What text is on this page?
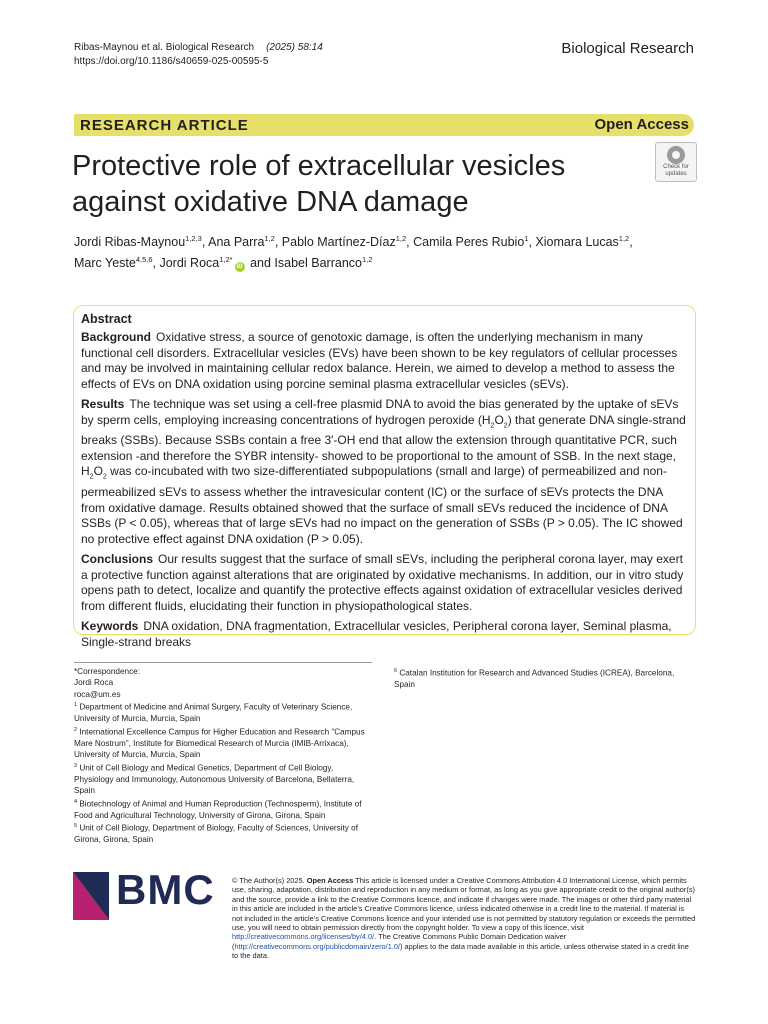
Ribas-Maynou et al. Biological Research (2025) 58:14
https://doi.org/10.1186/s40659-025-00595-5
Biological Research
RESEARCH ARTICLE	Open Access
Protective role of extracellular vesicles
against oxidative DNA damage
Check for
updates
Jordi Ribas-Maynou$^{1,2,3}$, Ana Parra$^{1,2}$, Pablo Martínez-Díaz$^{1,2}$, Camila Peres Rubio$^1$, Xiomara Lucas$^{1,2}$,
Marc Yeste$^{4,5,6}$, Jordi Roca$^{1,2*}$iD and Isabel Barranco$^{1,2}$
Abstract

Background Oxidative stress, a source of genotoxic damage, is often the underlying mechanism in many functional cell disorders. Extracellular vesicles (EVs) have been shown to be key regulators of cellular processes and may be involved in maintaining cellular redox balance. Herein, we aimed to develop a method to assess the effects of EVs on DNA oxidation using porcine seminal plasma extracellular vesicles (sEVs).

Results The technique was set using a cell-free plasmid DNA to avoid the bias generated by the uptake of sEVs by sperm cells, employing increasing concentrations of hydrogen peroxide $(H_2O_2)$ that generate DNA single-strand breaks (SSBs). Because SSBs contain a free 3′-OH end that allow the extension through quantitative PCR, such extension -and therefore the SYBR intensity- showed to be proportional to the amount of SSB. In the next stage, $H_2O_2$ was co-incubated with two size-differentiated subpopulations (small and large) of permeabilized and non-permeabilized sEVs to assess whether the intravesicular content (IC) or the surface of sEVs protects the DNA from oxidative damage. Results obtained showed that the surface of small sEVs reduced the incidence of DNA SSBs (P < 0.05), whereas that of large sEVs had no impact on the generation of SSBs (P > 0.05). The IC showed no protective effect against DNA oxidation (P > 0.05).

Conclusions Our results suggest that the surface of small sEVs, including the peripheral corona layer, may exert a protective function against alterations that are originated by oxidative mechanisms. In addition, our in vitro study opens path to detect, localize and quantify the protective effects against oxidation of extracellular vesicles derived from different fluids, elucidating their function in physiopathological states.

Keywords DNA oxidation, DNA fragmentation, Extracellular vesicles, Peripheral corona layer, Seminal plasma, Single-strand breaks

*Correspondence:
Jordi Roca
roca@um.es
$^1$ Department of Medicine and Animal Surgery, Faculty of Veterinary Science, University of Murcia, Murcia, Spain
$^2$ International Excellence Campus for Higher Education and Research “Campus Mare Nostrum”, Institute for Biomedical Research of Murcia (IMIB-Arrixaca), University of Murcia, Murcia, Spain
$^3$ Unit of Cell Biology and Medical Genetics, Department of Cell Biology, Physiology and Immunology, Autonomous University of Barcelona, Bellaterra, Spain
$^4$ Biotechnology of Animal and Human Reproduction (Technosperm), Institute of Food and Agricultural Technology, University of Girona, Girona, Spain
$^5$ Unit of Cell Biology, Department of Biology, Faculty of Sciences, University of Girona, Girona, Spain
$^6$ Catalan Institution for Research and Advanced Studies (ICREA), Barcelona, Spain
BMC © The Author(s) 2025. Open Access This article is licensed under a Creative Commons Attribution 4.0 International License, which permits use, sharing, adaptation, distribution and reproduction in any medium or format, as long as you give appropriate credit to the original author(s) and the source, provide a link to the Creative Commons licence, and indicate if changes were made. The images or other third party material in this article are included in the article’s Creative Commons licence, unless indicated otherwise in a credit line to the material. If material is not included in the article’s Creative Commons licence and your intended use is not permitted by statutory regulation or exceeds the permitted use, you will need to obtain permission directly from the copyright holder. To view a copy of this licence, visit http://creativecommons.org/licenses/by/4.0/. The Creative Commons Public Domain Dedication waiver (http://creativecommons.org/publicdomain/zero/1.0/) applies to the data made available in this article, unless otherwise stated in a credit line to the data.
